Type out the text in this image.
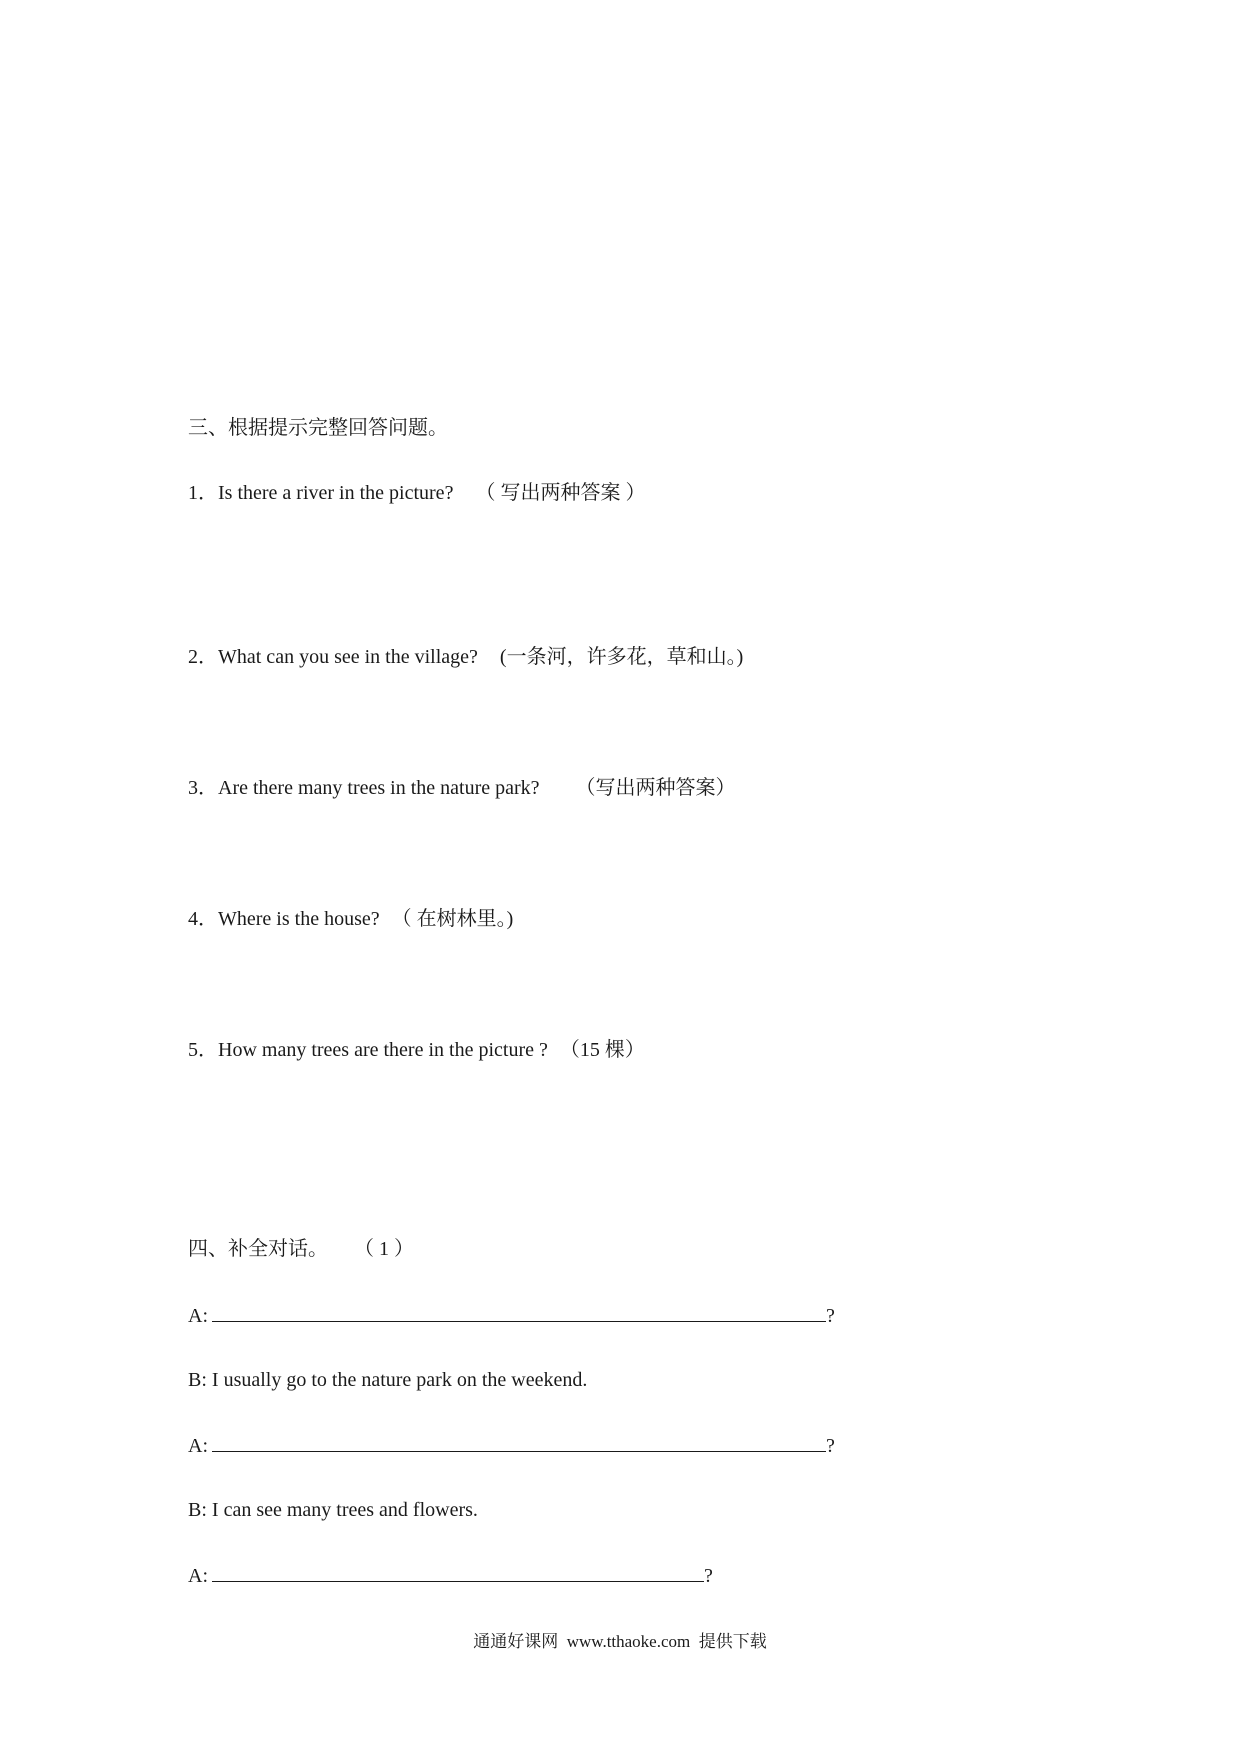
三、根据提示完整回答问题。
1．Is there a river in the picture? （ 写出两种答案 ）
2．What can you see in the village? (一条河，许多花，草和山。)
3．Are there many trees in the nature park? （写出两种答案）
4．Where is the house? （ 在树林里。)
5．How many trees are there in the picture ? （15 棵）
四、补全对话。 （ 1 ）
A:	?
B: I usually go to the nature park on the weekend.
A:	?
B: I can see many trees and flowers.
A:	?
通通好课网  www.tthaoke.com  提供下载
